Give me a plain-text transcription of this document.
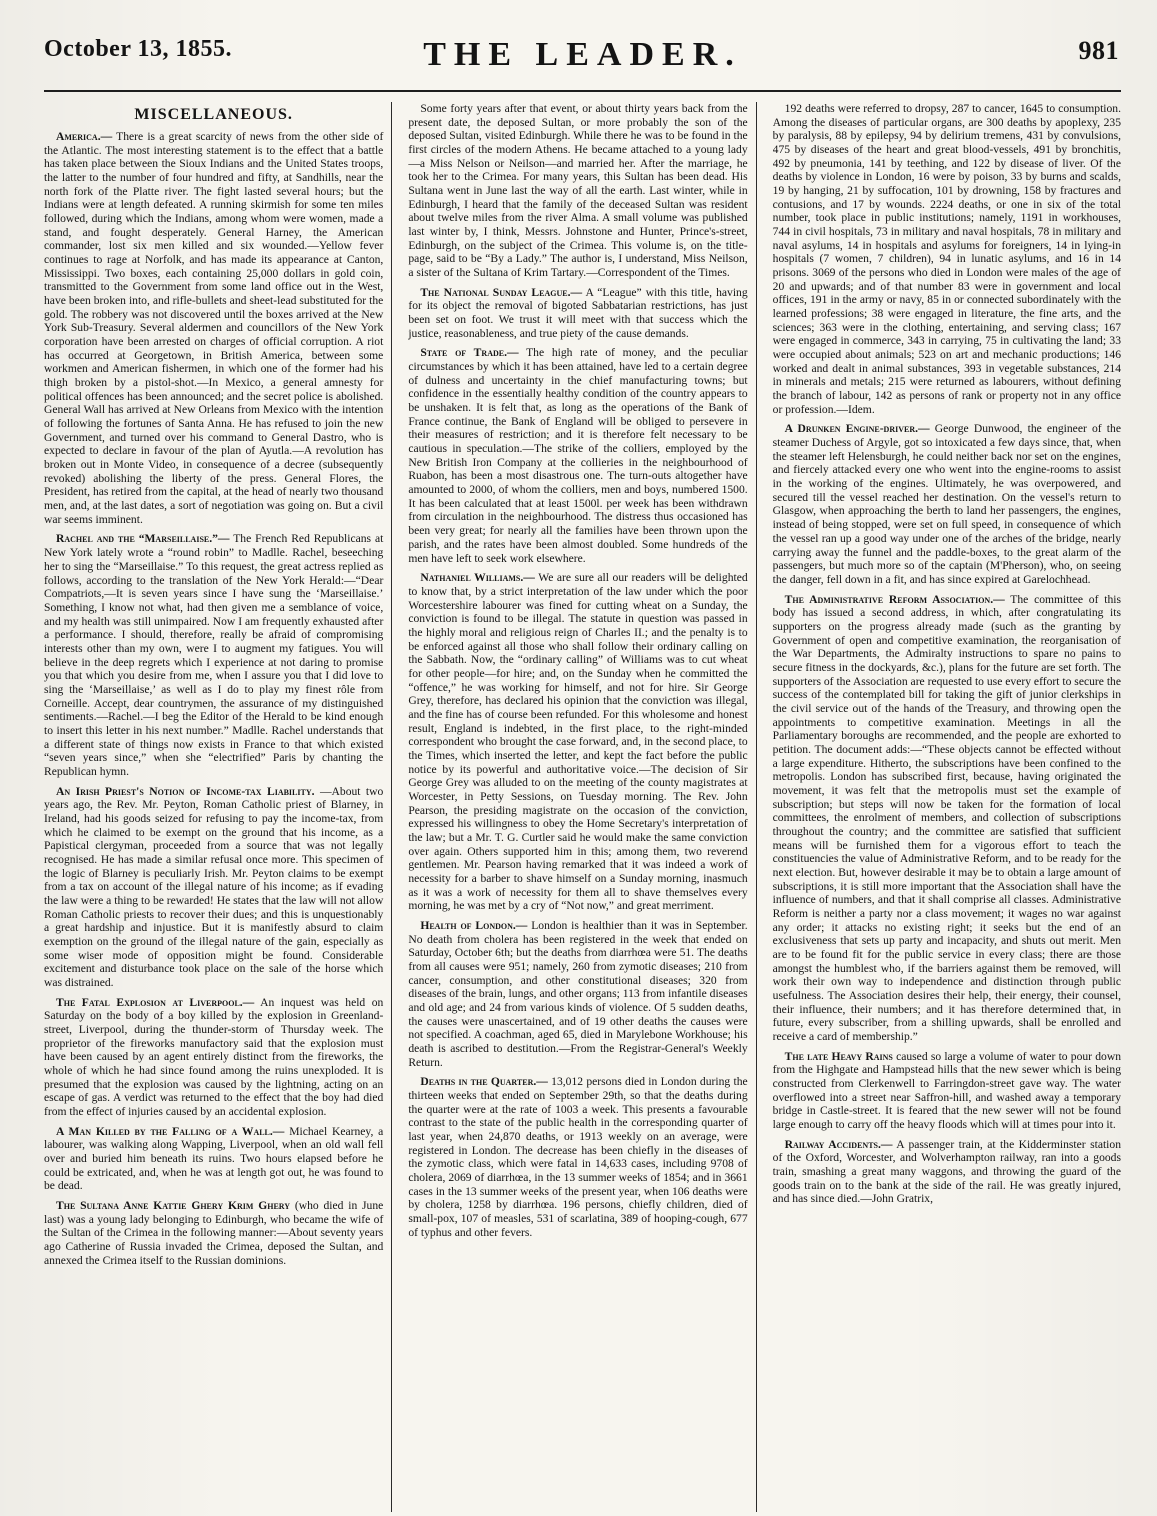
October 13, 1855.	THE LEADER.	981
MISCELLANEOUS.

America.— There is a great scarcity of news from the other side of the Atlantic. The most interesting statement is to the effect that a battle has taken place between the Sioux Indians and the United States troops, the latter to the number of four hundred and fifty, at Sandhills, near the north fork of the Platte river. The fight lasted several hours; but the Indians were at length defeated. A running skirmish for some ten miles followed, during which the Indians, among whom were women, made a stand, and fought desperately. General Harney, the American commander, lost six men killed and six wounded.—Yellow fever continues to rage at Norfolk, and has made its appearance at Canton, Mississippi. Two boxes, each containing 25,000 dollars in gold coin, transmitted to the Government from some land office out in the West, have been broken into, and rifle-bullets and sheet-lead substituted for the gold. The robbery was not discovered until the boxes arrived at the New York Sub-Treasury. Several aldermen and councillors of the New York corporation have been arrested on charges of official corruption. A riot has occurred at Georgetown, in British America, between some workmen and American fishermen, in which one of the former had his thigh broken by a pistol-shot.—In Mexico, a general amnesty for political offences has been announced; and the secret police is abolished. General Wall has arrived at New Orleans from Mexico with the intention of following the fortunes of Santa Anna. He has refused to join the new Government, and turned over his command to General Dastro, who is expected to declare in favour of the plan of Ayutla.—A revolution has broken out in Monte Video, in consequence of a decree (subsequently revoked) abolishing the liberty of the press. General Flores, the President, has retired from the capital, at the head of nearly two thousand men, and, at the last dates, a sort of negotiation was going on. But a civil war seems imminent.

Rachel and the “Marseillaise.”— The French Red Republicans at New York lately wrote a “round robin” to Madlle. Rachel, beseeching her to sing the “Marseillaise.” To this request, the great actress replied as follows, according to the translation of the New York Herald:—“Dear Compatriots,—It is seven years since I have sung the ‘Marseillaise.’ Something, I know not what, had then given me a semblance of voice, and my health was still unimpaired. Now I am frequently exhausted after a performance. I should, therefore, really be afraid of compromising interests other than my own, were I to augment my fatigues. You will believe in the deep regrets which I experience at not daring to promise you that which you desire from me, when I assure you that I did love to sing the ‘Marseillaise,’ as well as I do to play my finest rôle from Corneille. Accept, dear countrymen, the assurance of my distinguished sentiments.—Rachel.—I beg the Editor of the Herald to be kind enough to insert this letter in his next number.” Madlle. Rachel understands that a different state of things now exists in France to that which existed “seven years since,” when she “electrified” Paris by chanting the Republican hymn.

An Irish Priest's Notion of Income-tax Liability. —About two years ago, the Rev. Mr. Peyton, Roman Catholic priest of Blarney, in Ireland, had his goods seized for refusing to pay the income-tax, from which he claimed to be exempt on the ground that his income, as a Papistical clergyman, proceeded from a source that was not legally recognised. He has made a similar refusal once more. This specimen of the logic of Blarney is peculiarly Irish. Mr. Peyton claims to be exempt from a tax on account of the illegal nature of his income; as if evading the law were a thing to be rewarded! He states that the law will not allow Roman Catholic priests to recover their dues; and this is unquestionably a great hardship and injustice. But it is manifestly absurd to claim exemption on the ground of the illegal nature of the gain, especially as some wiser mode of opposition might be found. Considerable excitement and disturbance took place on the sale of the horse which was distrained.

The Fatal Explosion at Liverpool.— An inquest was held on Saturday on the body of a boy killed by the explosion in Greenland-street, Liverpool, during the thunder-storm of Thursday week. The proprietor of the fireworks manufactory said that the explosion must have been caused by an agent entirely distinct from the fireworks, the whole of which he had since found among the ruins unexploded. It is presumed that the explosion was caused by the lightning, acting on an escape of gas. A verdict was returned to the effect that the boy had died from the effect of injuries caused by an accidental explosion.

A Man Killed by the Falling of a Wall.— Michael Kearney, a labourer, was walking along Wapping, Liverpool, when an old wall fell over and buried him beneath its ruins. Two hours elapsed before he could be extricated, and, when he was at length got out, he was found to be dead.

The Sultana Anne Kattie Ghery Krim Ghery (who died in June last) was a young lady belonging to Edinburgh, who became the wife of the Sultan of the Crimea in the following manner:—About seventy years ago Catherine of Russia invaded the Crimea, deposed the Sultan, and annexed the Crimea itself to the Russian dominions.

Some forty years after that event, or about thirty years back from the present date, the deposed Sultan, or more probably the son of the deposed Sultan, visited Edinburgh. While there he was to be found in the first circles of the modern Athens. He became attached to a young lady—a Miss Nelson or Neilson—and married her. After the marriage, he took her to the Crimea. For many years, this Sultan has been dead. His Sultana went in June last the way of all the earth. Last winter, while in Edinburgh, I heard that the family of the deceased Sultan was resident about twelve miles from the river Alma. A small volume was published last winter by, I think, Messrs. Johnstone and Hunter, Prince's-street, Edinburgh, on the subject of the Crimea. This volume is, on the title-page, said to be “By a Lady.” The author is, I understand, Miss Neilson, a sister of the Sultana of Krim Tartary.—Correspondent of the Times.

The National Sunday League.— A “League” with this title, having for its object the removal of bigoted Sabbatarian restrictions, has just been set on foot. We trust it will meet with that success which the justice, reasonableness, and true piety of the cause demands.

State of Trade.— The high rate of money, and the peculiar circumstances by which it has been attained, have led to a certain degree of dulness and uncertainty in the chief manufacturing towns; but confidence in the essentially healthy condition of the country appears to be unshaken. It is felt that, as long as the operations of the Bank of France continue, the Bank of England will be obliged to persevere in their measures of restriction; and it is therefore felt necessary to be cautious in speculation.—The strike of the colliers, employed by the New British Iron Company at the collieries in the neighbourhood of Ruabon, has been a most disastrous one. The turn-outs altogether have amounted to 2000, of whom the colliers, men and boys, numbered 1500. It has been calculated that at least 1500l. per week has been withdrawn from circulation in the neighbourhood. The distress thus occasioned has been very great; for nearly all the families have been thrown upon the parish, and the rates have been almost doubled. Some hundreds of the men have left to seek work elsewhere.

Nathaniel Williams.— We are sure all our readers will be delighted to know that, by a strict interpretation of the law under which the poor Worcestershire labourer was fined for cutting wheat on a Sunday, the conviction is found to be illegal. The statute in question was passed in the highly moral and religious reign of Charles II.; and the penalty is to be enforced against all those who shall follow their ordinary calling on the Sabbath. Now, the “ordinary calling” of Williams was to cut wheat for other people—for hire; and, on the Sunday when he committed the “offence,” he was working for himself, and not for hire. Sir George Grey, therefore, has declared his opinion that the conviction was illegal, and the fine has of course been refunded. For this wholesome and honest result, England is indebted, in the first place, to the right-minded correspondent who brought the case forward, and, in the second place, to the Times, which inserted the letter, and kept the fact before the public notice by its powerful and authoritative voice.—The decision of Sir George Grey was alluded to on the meeting of the county magistrates at Worcester, in Petty Sessions, on Tuesday morning. The Rev. John Pearson, the presiding magistrate on the occasion of the conviction, expressed his willingness to obey the Home Secretary's interpretation of the law; but a Mr. T. G. Curtler said he would make the same conviction over again. Others supported him in this; among them, two reverend gentlemen. Mr. Pearson having remarked that it was indeed a work of necessity for a barber to shave himself on a Sunday morning, inasmuch as it was a work of necessity for them all to shave themselves every morning, he was met by a cry of “Not now,” and great merriment.

Health of London.— London is healthier than it was in September. No death from cholera has been registered in the week that ended on Saturday, October 6th; but the deaths from diarrhœa were 51. The deaths from all causes were 951; namely, 260 from zymotic diseases; 210 from cancer, consumption, and other constitutional diseases; 320 from diseases of the brain, lungs, and other organs; 113 from infantile diseases and old age; and 24 from various kinds of violence. Of 5 sudden deaths, the causes were unascertained, and of 19 other deaths the causes were not specified. A coachman, aged 65, died in Marylebone Workhouse; his death is ascribed to destitution.—From the Registrar-General's Weekly Return.

Deaths in the Quarter.— 13,012 persons died in London during the thirteen weeks that ended on September 29th, so that the deaths during the quarter were at the rate of 1003 a week. This presents a favourable contrast to the state of the public health in the corresponding quarter of last year, when 24,870 deaths, or 1913 weekly on an average, were registered in London. The decrease has been chiefly in the diseases of the zymotic class, which were fatal in 14,633 cases, including 9708 of cholera, 2069 of diarrhœa, in the 13 summer weeks of 1854; and in 3661 cases in the 13 summer weeks of the present year, when 106 deaths were by cholera, 1258 by diarrhœa. 196 persons, chiefly children, died of small-pox, 107 of measles, 531 of scarlatina, 389 of hooping-cough, 677 of typhus and other fevers.

192 deaths were referred to dropsy, 287 to cancer, 1645 to consumption. Among the diseases of particular organs, are 300 deaths by apoplexy, 235 by paralysis, 88 by epilepsy, 94 by delirium tremens, 431 by convulsions, 475 by diseases of the heart and great blood-vessels, 491 by bronchitis, 492 by pneumonia, 141 by teething, and 122 by disease of liver. Of the deaths by violence in London, 16 were by poison, 33 by burns and scalds, 19 by hanging, 21 by suffocation, 101 by drowning, 158 by fractures and contusions, and 17 by wounds. 2224 deaths, or one in six of the total number, took place in public institutions; namely, 1191 in workhouses, 744 in civil hospitals, 73 in military and naval hospitals, 78 in military and naval asylums, 14 in hospitals and asylums for foreigners, 14 in lying-in hospitals (7 women, 7 children), 94 in lunatic asylums, and 16 in 14 prisons. 3069 of the persons who died in London were males of the age of 20 and upwards; and of that number 83 were in government and local offices, 191 in the army or navy, 85 in or connected subordinately with the learned professions; 38 were engaged in literature, the fine arts, and the sciences; 363 were in the clothing, entertaining, and serving class; 167 were engaged in commerce, 343 in carrying, 75 in cultivating the land; 33 were occupied about animals; 523 on art and mechanic productions; 146 worked and dealt in animal substances, 393 in vegetable substances, 214 in minerals and metals; 215 were returned as labourers, without defining the branch of labour, 142 as persons of rank or property not in any office or profession.—Idem.

A Drunken Engine-driver.— George Dunwood, the engineer of the steamer Duchess of Argyle, got so intoxicated a few days since, that, when the steamer left Helensburgh, he could neither back nor set on the engines, and fiercely attacked every one who went into the engine-rooms to assist in the working of the engines. Ultimately, he was overpowered, and secured till the vessel reached her destination. On the vessel's return to Glasgow, when approaching the berth to land her passengers, the engines, instead of being stopped, were set on full speed, in consequence of which the vessel ran up a good way under one of the arches of the bridge, nearly carrying away the funnel and the paddle-boxes, to the great alarm of the passengers, but much more so of the captain (M'Pherson), who, on seeing the danger, fell down in a fit, and has since expired at Garelochhead.

The Administrative Reform Association.— The committee of this body has issued a second address, in which, after congratulating its supporters on the progress already made (such as the granting by Government of open and competitive examination, the reorganisation of the War Departments, the Admiralty instructions to spare no pains to secure fitness in the dockyards, &c.), plans for the future are set forth. The supporters of the Association are requested to use every effort to secure the success of the contemplated bill for taking the gift of junior clerkships in the civil service out of the hands of the Treasury, and throwing open the appointments to competitive examination. Meetings in all the Parliamentary boroughs are recommended, and the people are exhorted to petition. The document adds:—“These objects cannot be effected without a large expenditure. Hitherto, the subscriptions have been confined to the metropolis. London has subscribed first, because, having originated the movement, it was felt that the metropolis must set the example of subscription; but steps will now be taken for the formation of local committees, the enrolment of members, and collection of subscriptions throughout the country; and the committee are satisfied that sufficient means will be furnished them for a vigorous effort to teach the constituencies the value of Administrative Reform, and to be ready for the next election. But, however desirable it may be to obtain a large amount of subscriptions, it is still more important that the Association shall have the influence of numbers, and that it shall comprise all classes. Administrative Reform is neither a party nor a class movement; it wages no war against any order; it attacks no existing right; it seeks but the end of an exclusiveness that sets up party and incapacity, and shuts out merit. Men are to be found fit for the public service in every class; there are those amongst the humblest who, if the barriers against them be removed, will work their own way to independence and distinction through public usefulness. The Association desires their help, their energy, their counsel, their influence, their numbers; and it has therefore determined that, in future, every subscriber, from a shilling upwards, shall be enrolled and receive a card of membership.”

The late Heavy Rains caused so large a volume of water to pour down from the Highgate and Hampstead hills that the new sewer which is being constructed from Clerkenwell to Farringdon-street gave way. The water overflowed into a street near Saffron-hill, and washed away a temporary bridge in Castle-street. It is feared that the new sewer will not be found large enough to carry off the heavy floods which will at times pour into it.

Railway Accidents.— A passenger train, at the Kidderminster station of the Oxford, Worcester, and Wolverhampton railway, ran into a goods train, smashing a great many waggons, and throwing the guard of the goods train on to the bank at the side of the rail. He was greatly injured, and has since died.—John Gratrix,
